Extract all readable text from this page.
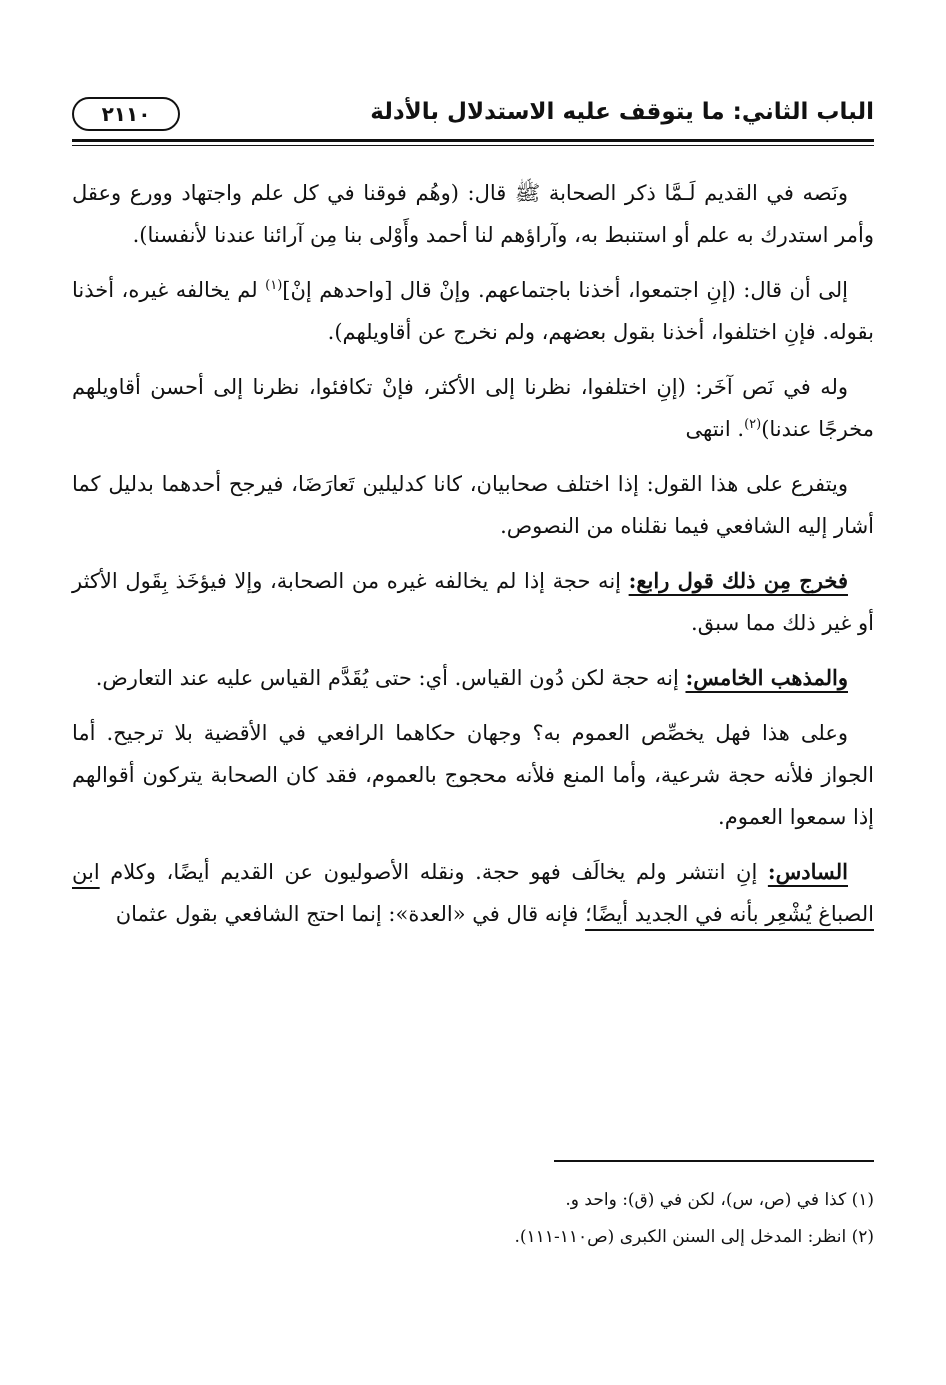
الباب الثاني: ما يتوقف عليه الاستدلال بالأدلة
٢١١٠

ونَصه في القديم لَـمَّا ذكر الصحابة ﷺ قال: (وهُم فوقنا في كل علم واجتهاد وورع وعقل وأمر استدرك به علم أو استنبط به، وآراؤهم لنا أحمد وأَوْلى بنا مِن آرائنا عندنا لأنفسنا).

إلى أن قال: (إنِ اجتمعوا، أخذنا باجتماعهم. وإنْ قال [واحدهم إنْ]$^{(١)}$ لم يخالفه غيره، أخذنا بقوله. فإنِ اختلفوا، أخذنا بقول بعضهم، ولم نخرج عن أقاويلهم).

وله في نَص آخَر: (إنِ اختلفوا، نظرنا إلى الأكثر، فإنْ تكافئوا، نظرنا إلى أحسن أقاويلهم مخرجًا عندنا)$^{(٢)}$. انتهى

ويتفرع على هذا القول: إذا اختلف صحابيان، كانا كدليلين تَعارَضَا، فيرجح أحدهما بدليل كما أشار إليه الشافعي فيما نقلناه من النصوص.

فخرج مِن ذلك قول رابع: إنه حجة إذا لم يخالفه غيره من الصحابة، وإلا فيؤخَذ بِقَول الأكثر أو غير ذلك مما سبق.

والمذهب الخامس: إنه حجة لكن دُون القياس. أي: حتى يُقَدَّم القياس عليه عند التعارض.

وعلى هذا فهل يخصِّص العموم به؟ وجهان حكاهما الرافعي في الأقضية بلا ترجيح. أما الجواز فلأنه حجة شرعية، وأما المنع فلأنه محجوج بالعموم، فقد كان الصحابة يتركون أقوالهم إذا سمعوا العموم.

السادس: إنِ انتشر ولم يخالَف فهو حجة. ونقله الأصوليون عن القديم أيضًا، وكلام ابن الصباغ يُشْعِر بأنه في الجديد أيضًا؛ فإنه قال في «العدة»: إنما احتج الشافعي بقول عثمان

(١) كذا في (ص، س)، لكن في (ق): واحد و.

(٢) انظر: المدخل إلى السنن الكبرى (ص١١٠-١١١).
